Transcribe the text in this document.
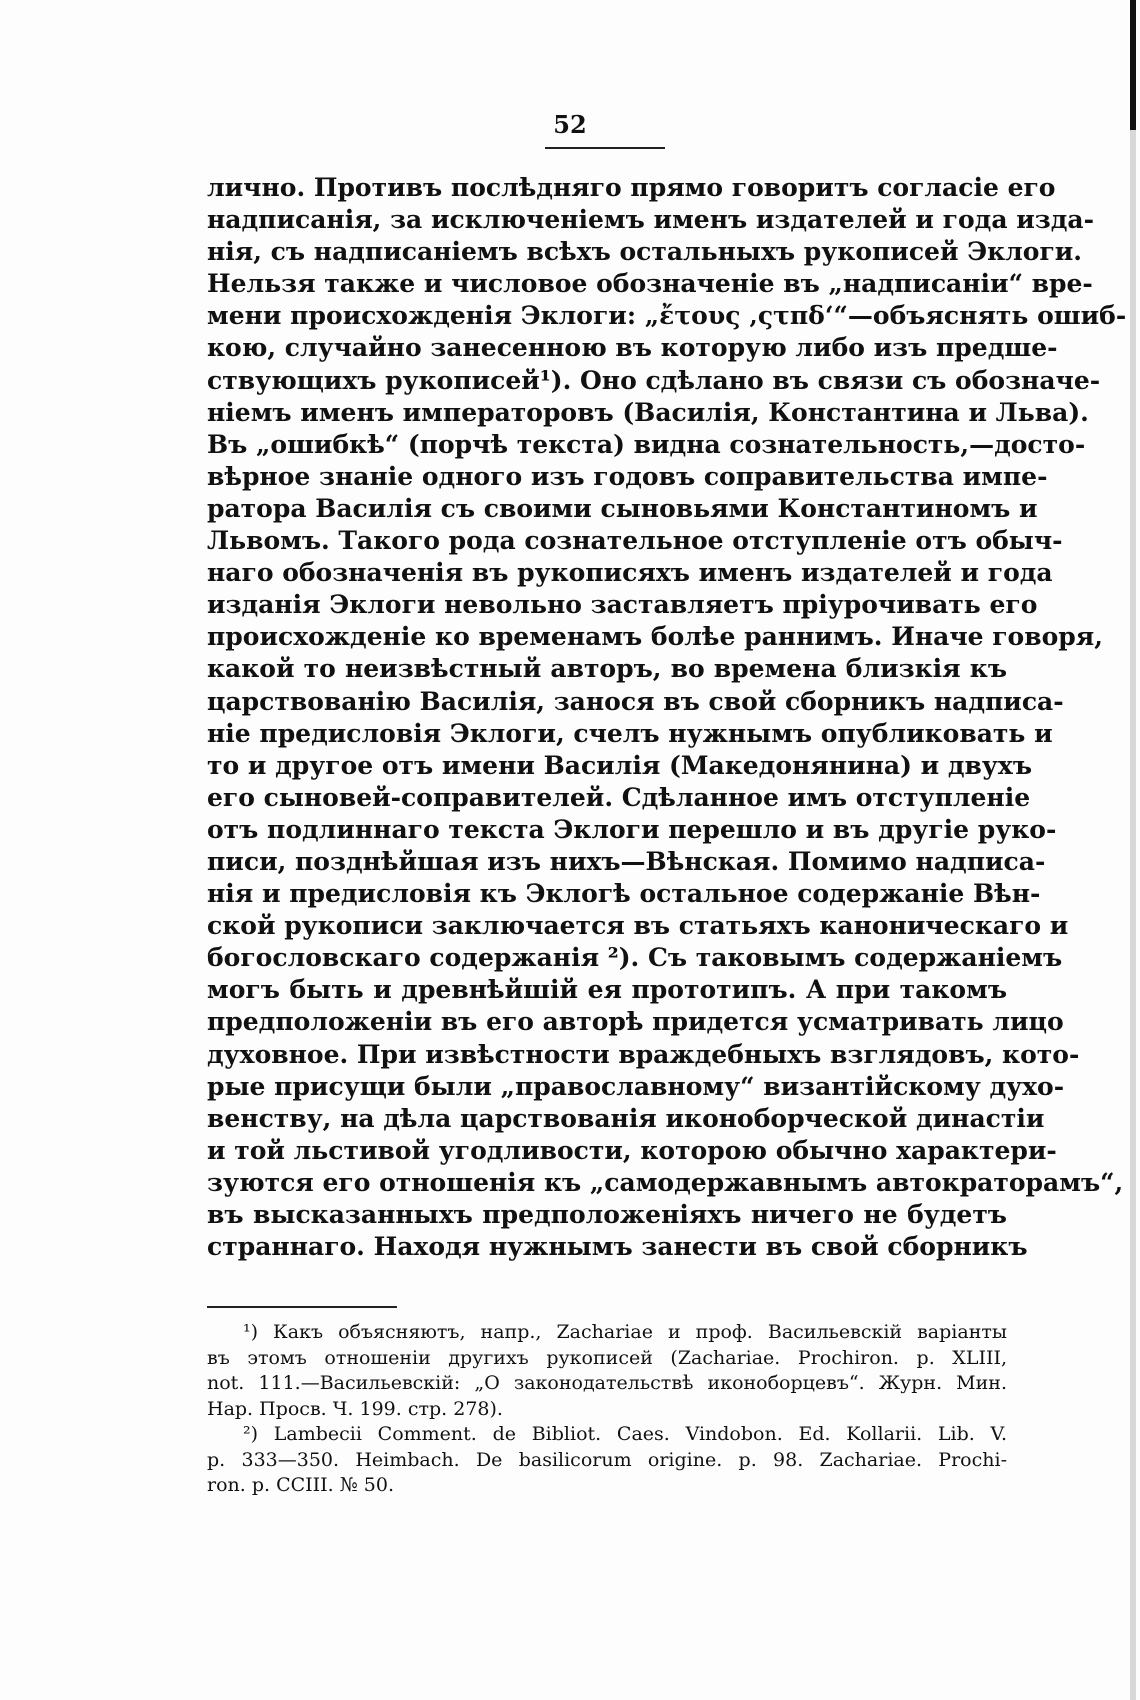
52
лично. Противъ послѣдняго прямо говоритъ согласіе его
надписанія, за исключеніемъ именъ издателей и года изда-
нія, съ надписаніемъ всѣхъ остальныхъ рукописей Эклоги.
Нельзя также и числовое обозначеніе въ „надписаніи“ вре-
мени происхожденія Эклоги: „ἔτους ‚ςτπδ‘“—объяснять ошиб-
кою, случайно занесенною въ которую либо изъ предше-
ствующихъ рукописей¹). Оно сдѣлано въ связи съ обозначе-
ніемъ именъ императоровъ (Василія, Константина и Льва).
Въ „ошибкѣ“ (порчѣ текста) видна сознательность,—досто-
вѣрное знаніе одного изъ годовъ соправительства импе-
ратора Василія съ своими сыновьями Константиномъ и
Львомъ. Такого рода сознательное отступленіе отъ обыч-
наго обозначенія въ рукописяхъ именъ издателей и года
изданія Эклоги невольно заставляетъ пріурочивать его
происхожденіе ко временамъ болѣе раннимъ. Иначе говоря,
какой то неизвѣстный авторъ, во времена близкія къ
царствованію Василія, занося въ свой сборникъ надписа-
ніе предисловія Эклоги, счелъ нужнымъ опубликовать и
то и другое отъ имени Василія (Македонянина) и двухъ
его сыновей-соправителей. Сдѣланное имъ отступленіе
отъ подлиннаго текста Эклоги перешло и въ другіе руко-
писи, позднѣйшая изъ нихъ—Вѣнская. Помимо надписа-
нія и предисловія къ Эклогѣ остальное содержаніе Вѣн-
ской рукописи заключается въ статьяхъ каноническаго и
богословскаго содержанія ²). Съ таковымъ содержаніемъ
могъ быть и древнѣйшій ея прототипъ. А при такомъ
предположеніи въ его авторѣ придется усматривать лицо
духовное. При извѣстности враждебныхъ взглядовъ, кото-
рые присущи были „православному“ византійскому духо-
венству, на дѣла царствованія иконоборческой династіи
и той льстивой угодливости, которою обычно характери-
зуются его отношенія къ „самодержавнымъ автократорамъ“,
въ высказанныхъ предположеніяхъ ничего не будетъ
страннаго. Находя нужнымъ занести въ свой сборникъ
¹) Какъ объясняютъ, напр., Zachariae и проф. Васильевскій варіанты
въ этомъ отношеніи другихъ рукописей (Zachariae. Prochiron. p. XLIII,
not. 111.—Васильевскій: „О законодательствѣ иконоборцевъ“. Журн. Мин.
Нар. Просв. Ч. 199. стр. 278).
²) Lambecii Comment. de Bibliot. Caes. Vindobon. Ed. Kollarii. Lib. V.
p. 333—350. Heimbach. De basilicorum origine. p. 98. Zachariae. Prochi-
ron. p. CCIII. № 50.
